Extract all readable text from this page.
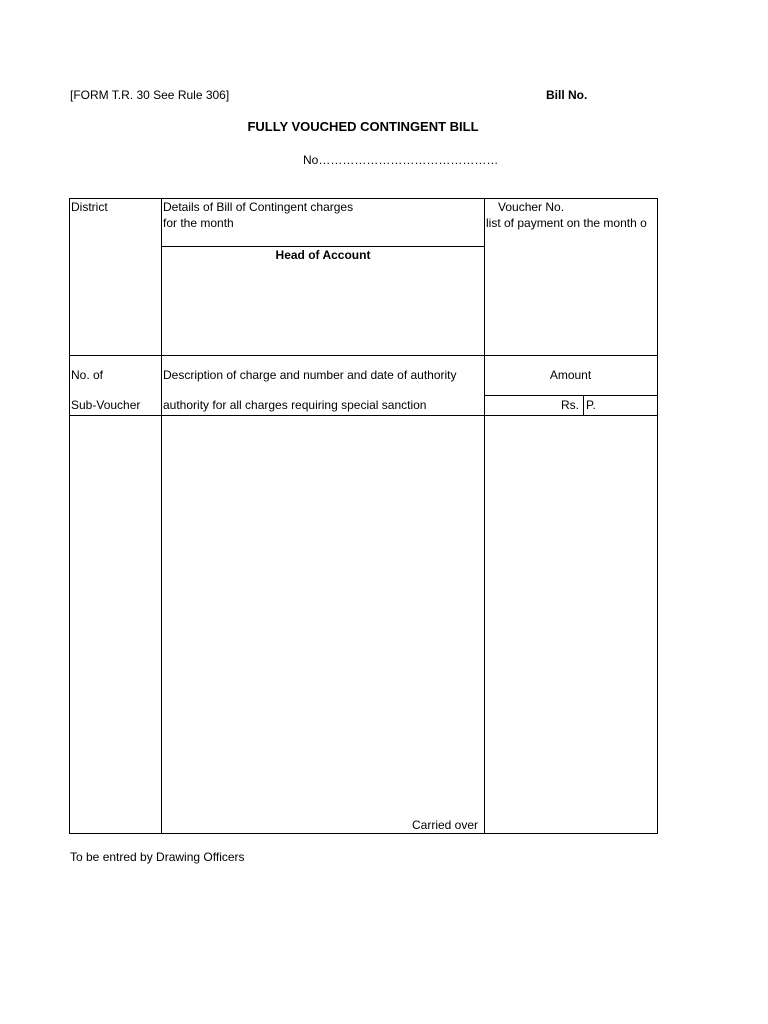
[FORM T.R. 30 See Rule 306]	Bill No.
FULLY VOUCHED CONTINGENT BILL
No………………………………………
District	Details of Bill of Contingent charges
for the month
Voucher No.
list of payment on the month o
Head of Account
No. of
Sub-Voucher
Description of charge and number and date of authority
authority for all charges requiring special sanction
Amount
Rs. P.
Carried over
To be entred by Drawing Officers
